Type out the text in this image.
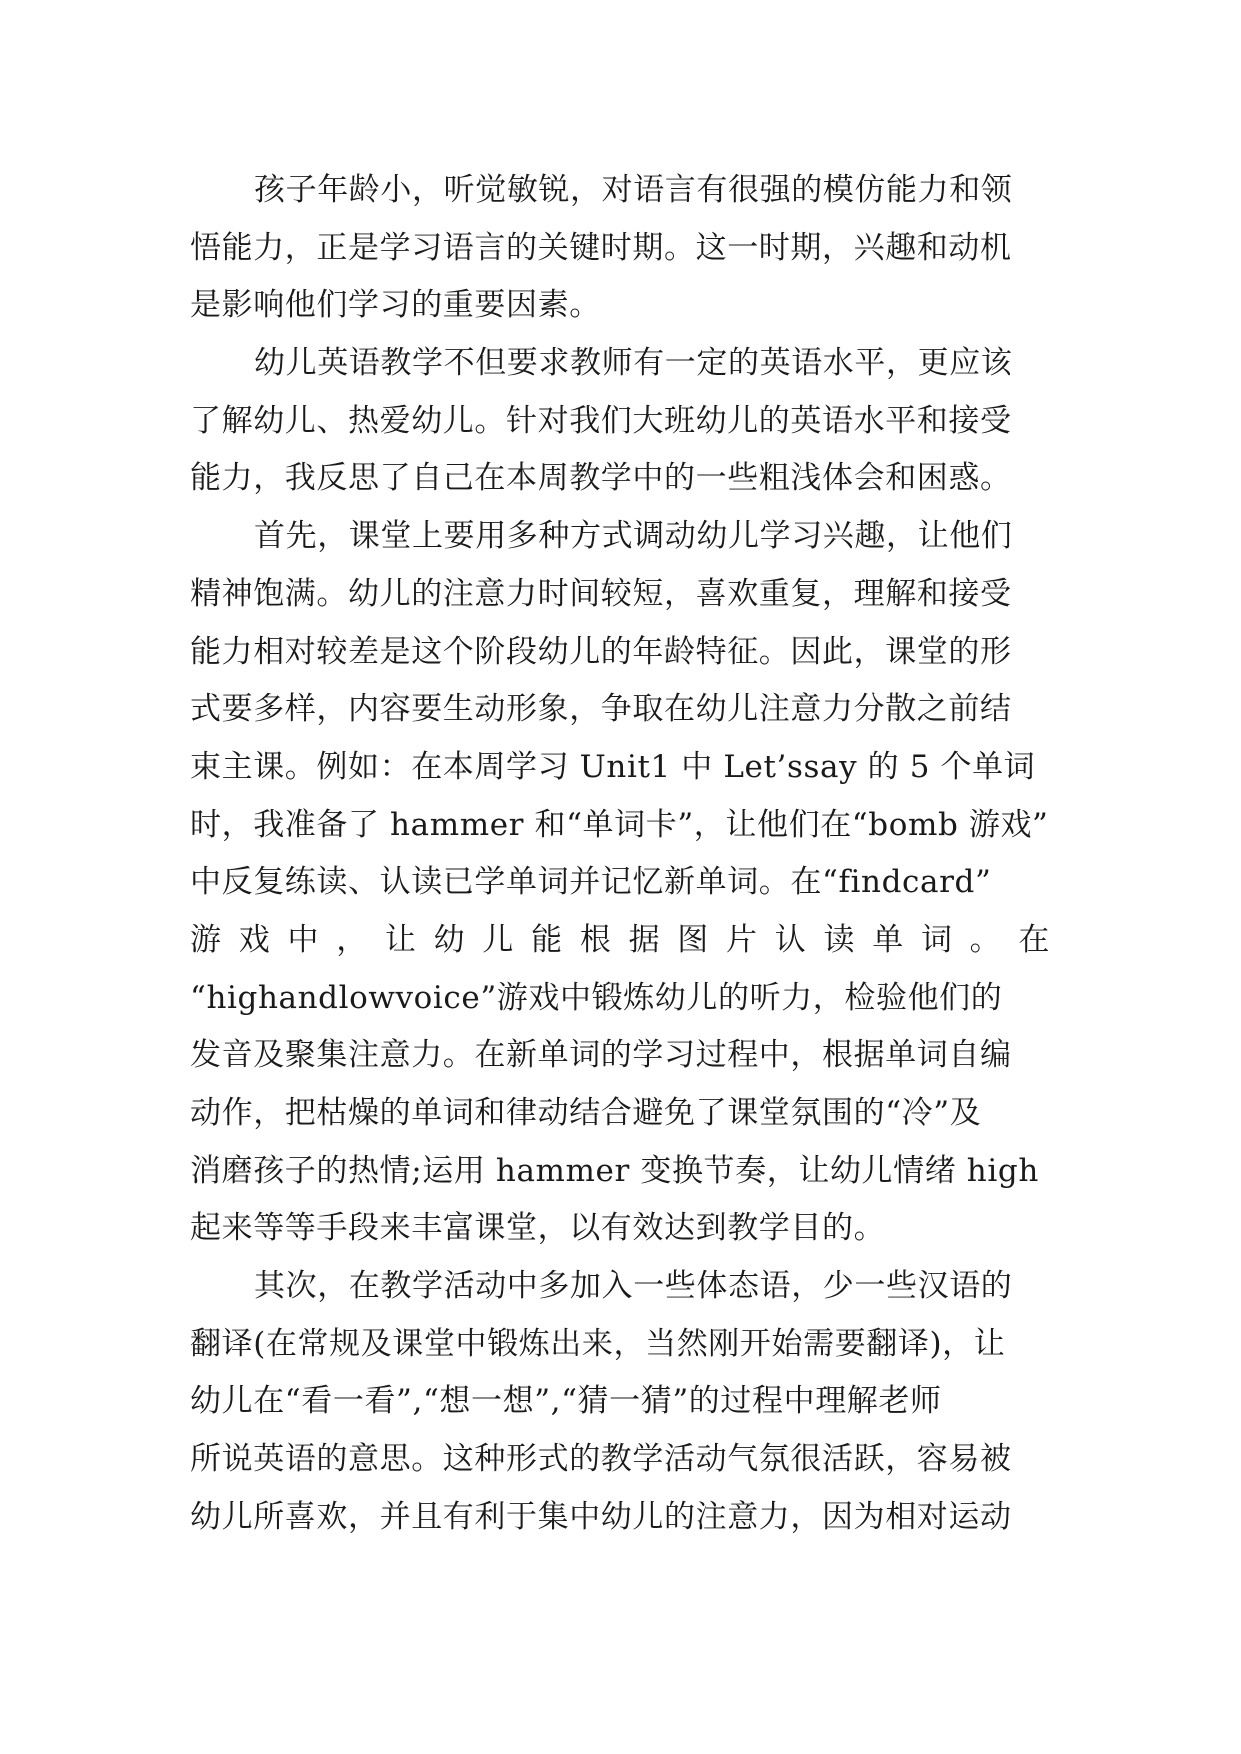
孩子年龄小，听觉敏锐，对语言有很强的模仿能力和领
悟能力，正是学习语言的关键时期。这一时期，兴趣和动机
是影响他们学习的重要因素。
幼儿英语教学不但要求教师有一定的英语水平，更应该
了解幼儿、热爱幼儿。针对我们大班幼儿的英语水平和接受
能力，我反思了自己在本周教学中的一些粗浅体会和困惑。
首先，课堂上要用多种方式调动幼儿学习兴趣，让他们
精神饱满。幼儿的注意力时间较短，喜欢重复，理解和接受
能力相对较差是这个阶段幼儿的年龄特征。因此，课堂的形
式要多样，内容要生动形象，争取在幼儿注意力分散之前结
束主课。例如：在本周学习 Unit1 中 Let’ssay 的 5 个单词
时，我准备了 hammer 和“单词卡”，让他们在“bomb 游戏”
中反复练读、认读已学单词并记忆新单词。在“findcard”
游 戏 中 ， 让 幼 儿 能 根 据 图 片 认 读 单 词 。 在
“highandlowvoice”游戏中锻炼幼儿的听力，检验他们的
发音及聚集注意力。在新单词的学习过程中，根据单词自编
动作，把枯燥的单词和律动结合避免了课堂氛围的“冷”及
消磨孩子的热情;运用 hammer 变换节奏，让幼儿情绪 high
起来等等手段来丰富课堂，以有效达到教学目的。
其次，在教学活动中多加入一些体态语，少一些汉语的
翻译(在常规及课堂中锻炼出来，当然刚开始需要翻译)，让
幼儿在“看一看”,“想一想”,“猜一猜”的过程中理解老师
所说英语的意思。这种形式的教学活动气氛很活跃，容易被
幼儿所喜欢，并且有利于集中幼儿的注意力，因为相对运动
